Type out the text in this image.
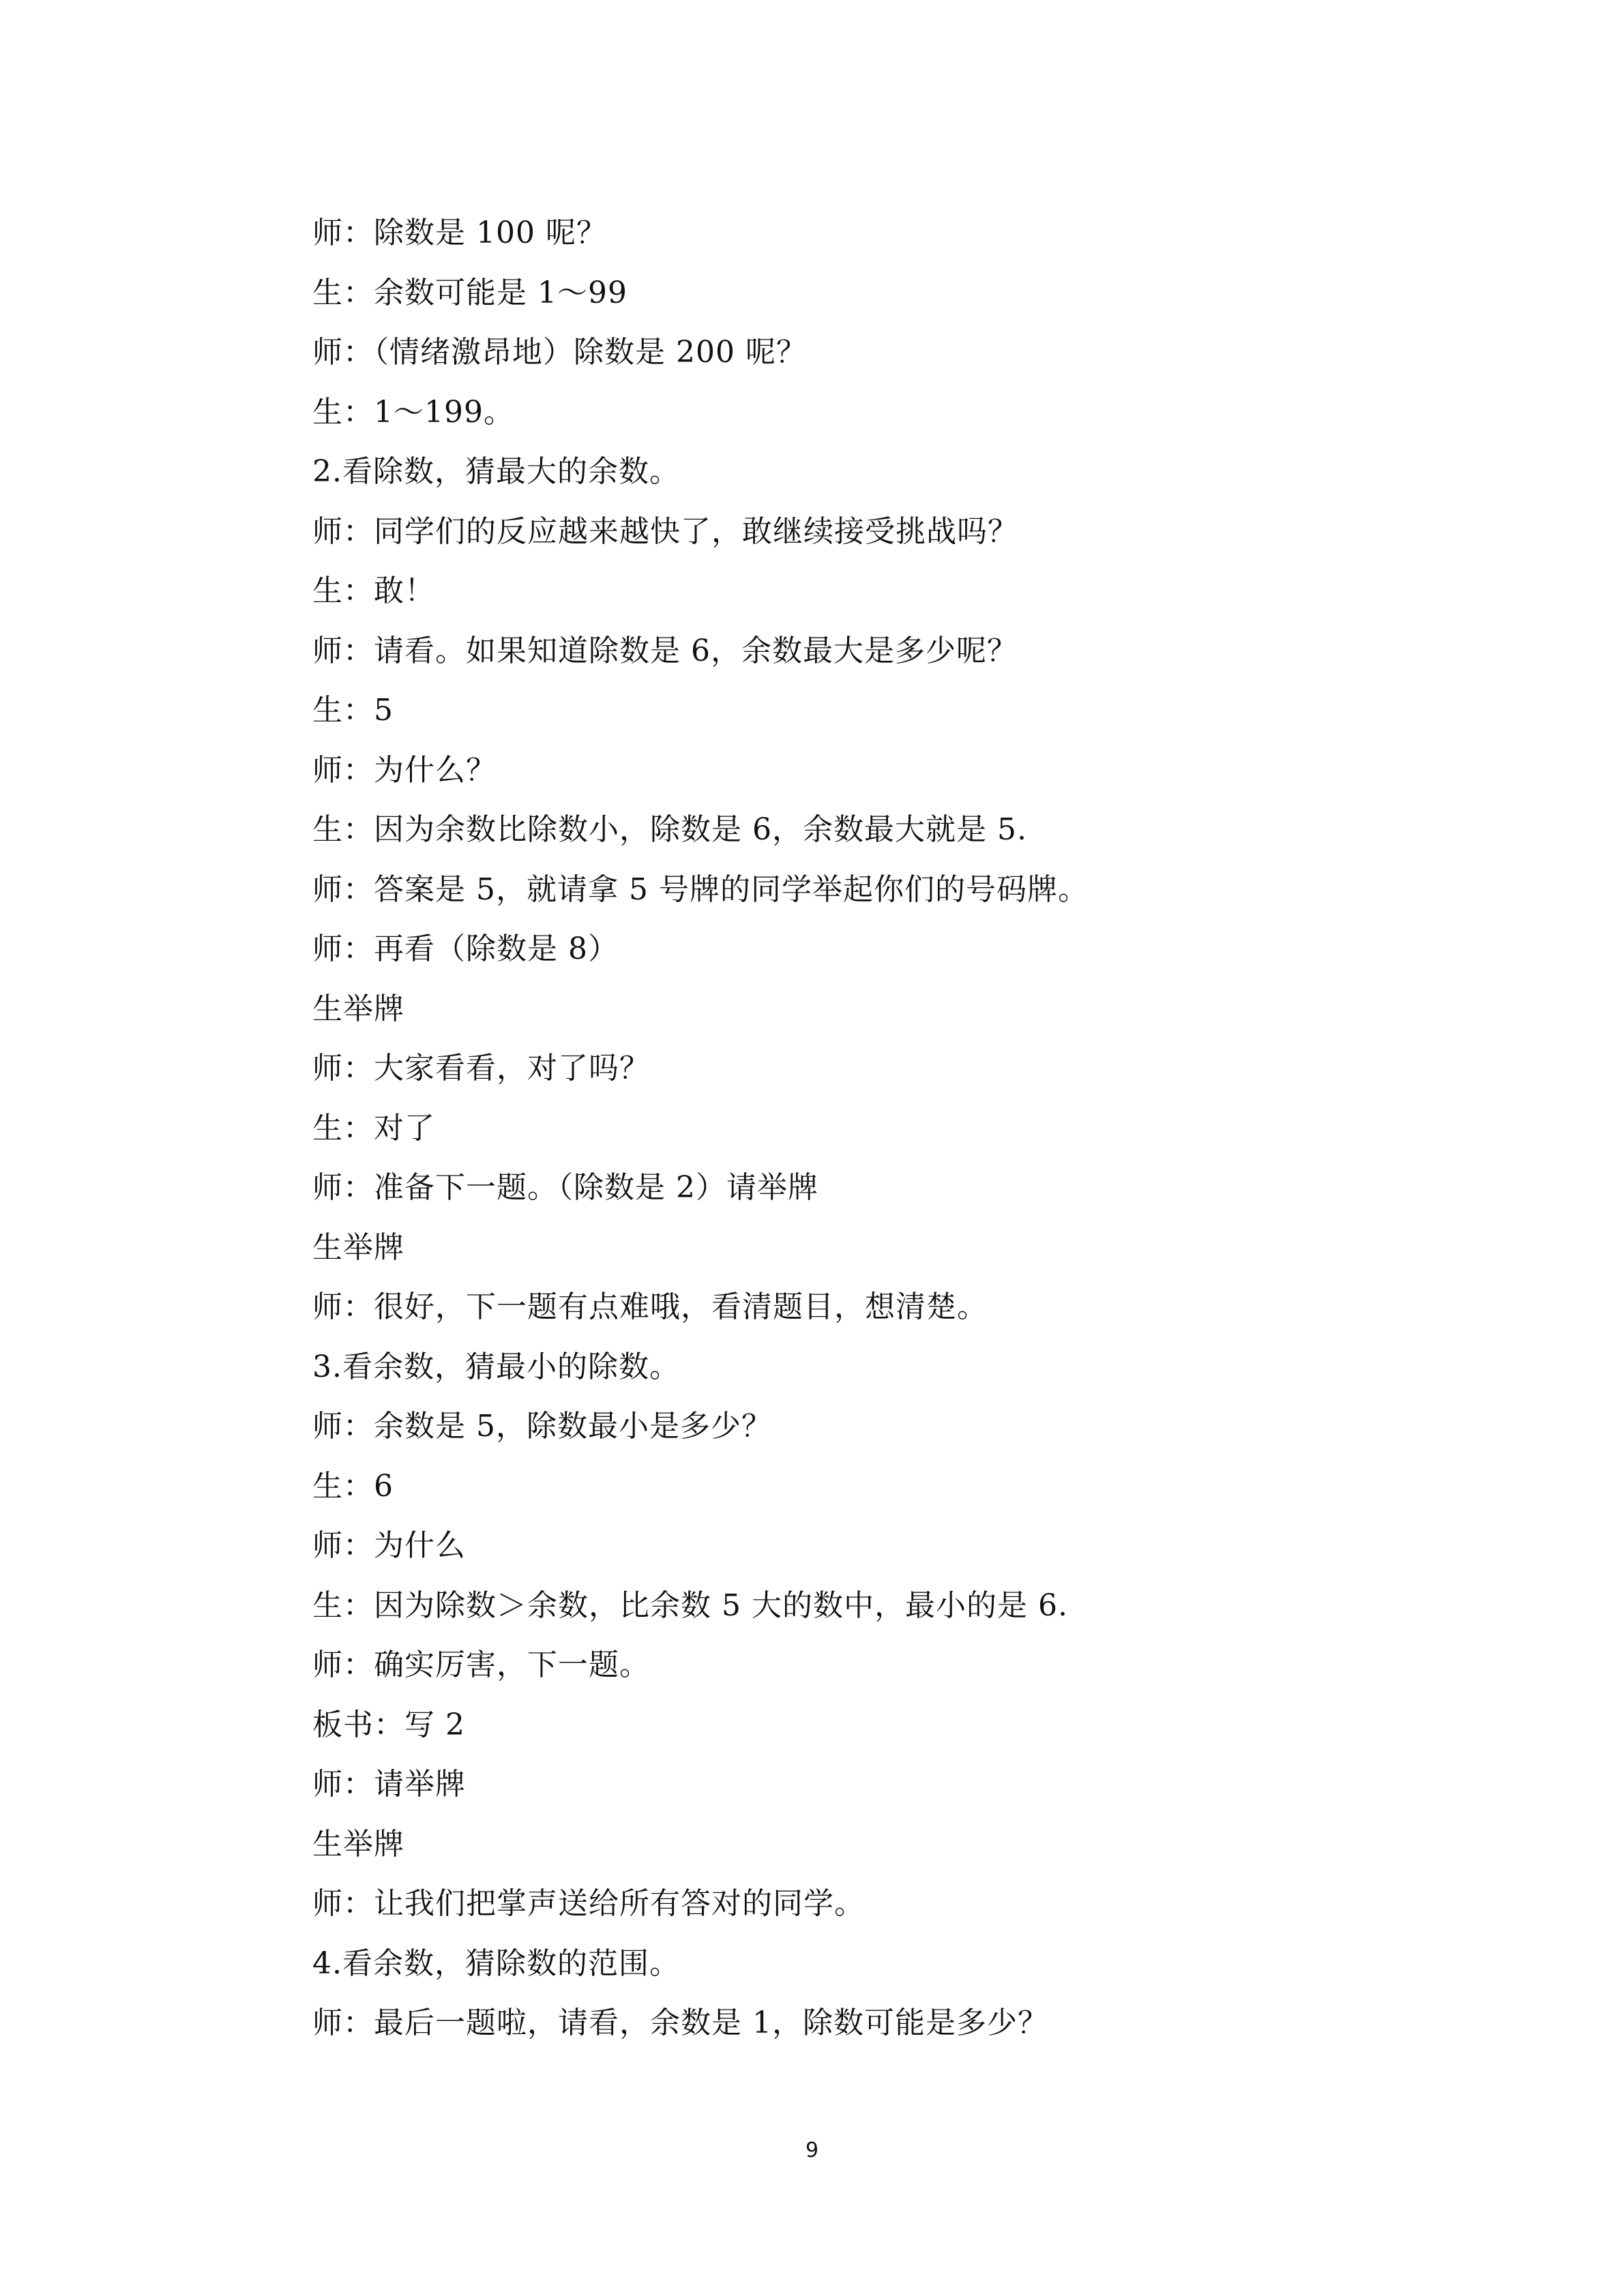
师：除数是 100 呢？
生：余数可能是 1～99
师：（情绪激昂地）除数是 200 呢？
生：1～199。
2.看除数，猜最大的余数。
师：同学们的反应越来越快了，敢继续接受挑战吗？
生：敢！
师：请看。如果知道除数是 6，余数最大是多少呢？
生：5
师：为什么？
生：因为余数比除数小，除数是 6，余数最大就是 5.
师：答案是 5，就请拿 5 号牌的同学举起你们的号码牌。
师：再看（除数是 8）
生举牌
师：大家看看，对了吗？
生：对了
师：准备下一题。（除数是 2）请举牌
生举牌
师：很好，下一题有点难哦，看清题目，想清楚。
3.看余数，猜最小的除数。
师：余数是 5，除数最小是多少？
生：6
师：为什么
生：因为除数＞余数，比余数 5 大的数中，最小的是 6.
师：确实厉害，下一题。
板书：写 2
师：请举牌
生举牌
师：让我们把掌声送给所有答对的同学。
4.看余数，猜除数的范围。
师：最后一题啦，请看，余数是 1，除数可能是多少？
9
